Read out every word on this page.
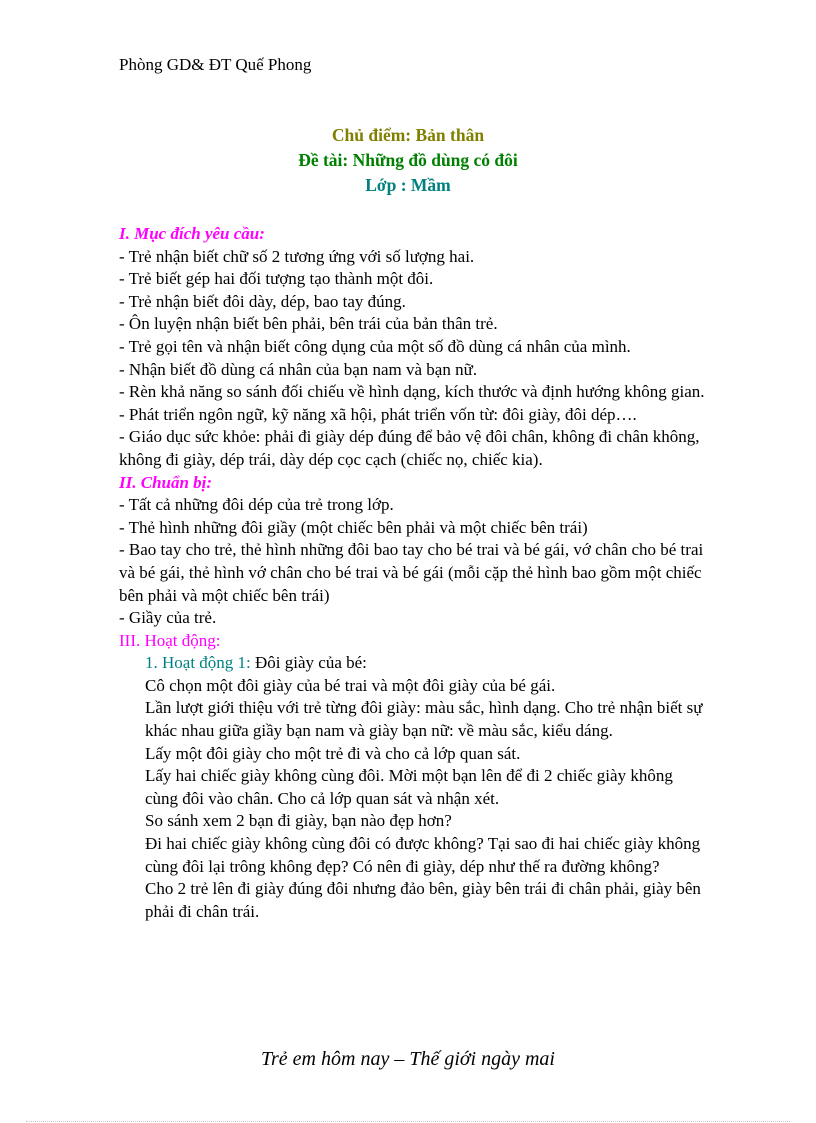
Phòng GD& ĐT Quế Phong
Chủ điểm: Bản thân
Đề tài: Những đồ dùng có đôi
Lớp : Mầm

I. Mục đích yêu cầu:

- Trẻ nhận biết chữ số 2 tương ứng với số lượng hai.

- Trẻ biết gép hai đối tượng tạo thành một đôi.

- Trẻ nhận biết đôi dày, dép, bao tay đúng.

- Ôn luyện nhận biết bên phải, bên trái của bản thân trẻ.

- Trẻ gọi tên và nhận biết công dụng của một số đồ dùng cá nhân của mình.

- Nhận biết đồ dùng cá nhân của bạn nam và bạn nữ.

- Rèn khả năng so sánh đối chiếu về hình dạng, kích thước và định hướng không gian.

- Phát triển ngôn ngữ, kỹ năng xã hội, phát triển vốn từ: đôi giày, đôi dép….

- Giáo dục sức khỏe: phải đi giày dép đúng để bảo vệ đôi chân, không đi chân không, không đi giày, dép trái, dày dép cọc cạch (chiếc nọ, chiếc kia).

II. Chuẩn bị:

- Tất cả những đôi dép của trẻ trong lớp.

- Thẻ hình những đôi giầy (một chiếc bên phải và một chiếc bên trái)

- Bao tay cho trẻ, thẻ hình những đôi bao tay cho bé trai và bé gái, vớ chân cho bé trai và bé gái, thẻ hình vớ chân cho bé trai và bé gái (mỗi cặp thẻ hình bao gồm một chiếc bên phải và một chiếc bên trái)

- Giầy của trẻ.

III. Hoạt động:

1. Hoạt động 1: Đôi giày của bé:

Cô chọn một đôi giày của bé trai và một đôi giày của bé gái.

Lần lượt giới thiệu với trẻ từng đôi giày: màu sắc, hình dạng. Cho trẻ nhận biết sự khác nhau giữa giầy bạn nam và giày bạn nữ: về màu sắc, kiểu dáng.

Lấy một đôi giày cho một trẻ đi và cho cả lớp quan sát.

Lấy hai chiếc giày không cùng đôi. Mời một bạn lên để đi 2 chiếc giày không cùng đôi vào chân. Cho cả lớp quan sát và nhận xét.

So sánh xem 2 bạn đi giày, bạn nào đẹp hơn?

Đi hai chiếc giày không cùng đôi có được không? Tại sao đi hai chiếc giày không cùng đôi lại trông không đẹp? Có nên đi giày, dép như thế ra đường không?

Cho 2 trẻ lên đi giày đúng đôi nhưng đảo bên, giày bên trái đi chân phải, giày bên phải đi chân trái.

Trẻ em hôm nay – Thế giới ngày mai
